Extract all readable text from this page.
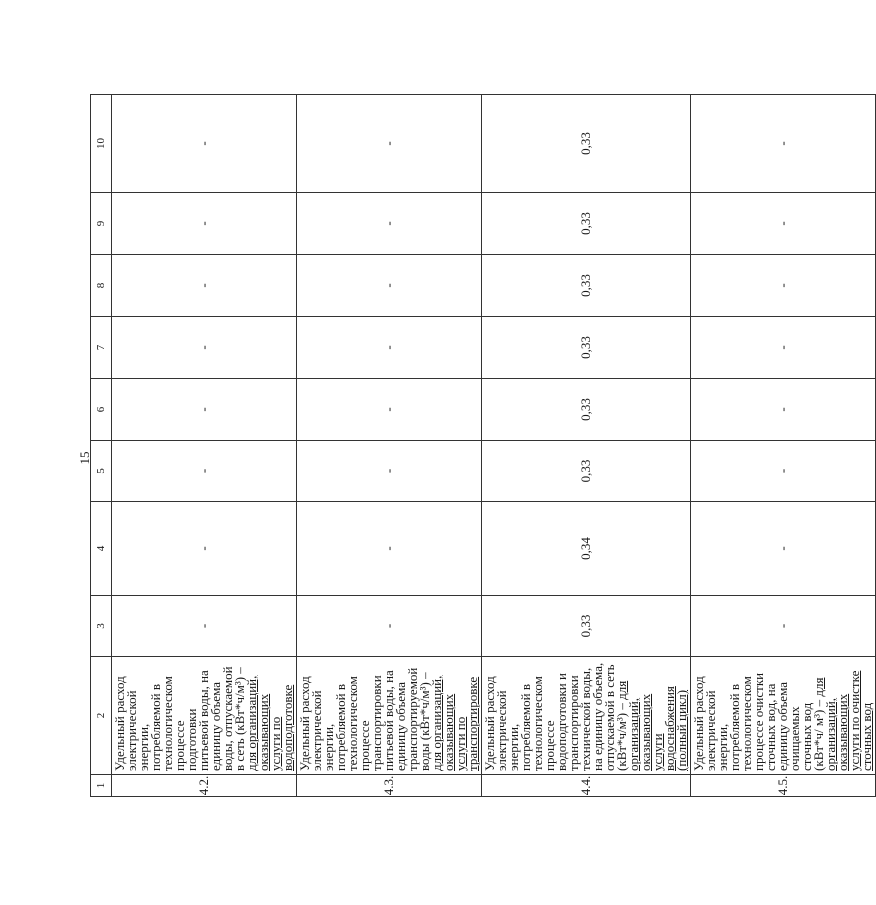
15
1	2	3	4	5	6	7	8	9	10
4.2.	Удельный расход электрической энергии, потребляемой в технологическом процессе подготовки питьевой воды, на единицу объема воды, отпускаемой в сеть (кВт*ч/м³) – для организаций, оказывающих услуги по водоподготовке	-	-	-	-	-	-	-	-
4.3.	Удельный расход электрической энергии, потребляемой в технологическом процессе транспортировки питьевой воды, на единицу объема транспортируемой воды (кВт*ч/м³) – для организаций, оказывающих услуги по транспортировке	-	-	-	-	-	-	-	-
4.4.	Удельный расход электрической энергии, потребляемой в технологическом процессе водоподготовки и транспортировки технической воды, на единицу объема, отпускаемой в сеть (кВт*ч/м³) – для организаций, оказывающих услуги водоснабжения (полный цикл)	0,33	0,34	0,33	0,33	0,33	0,33	0,33	0,33
4.5.	Удельный расход электрической энергии, потребляемой в технологическом процессе очистки сточных вод, на единицу объема очищаемых сточных вод (кВт*ч/ м³) – для организаций, оказывающих услуги по очистке сточных вод	-	-	-	-	-	-	-	-
